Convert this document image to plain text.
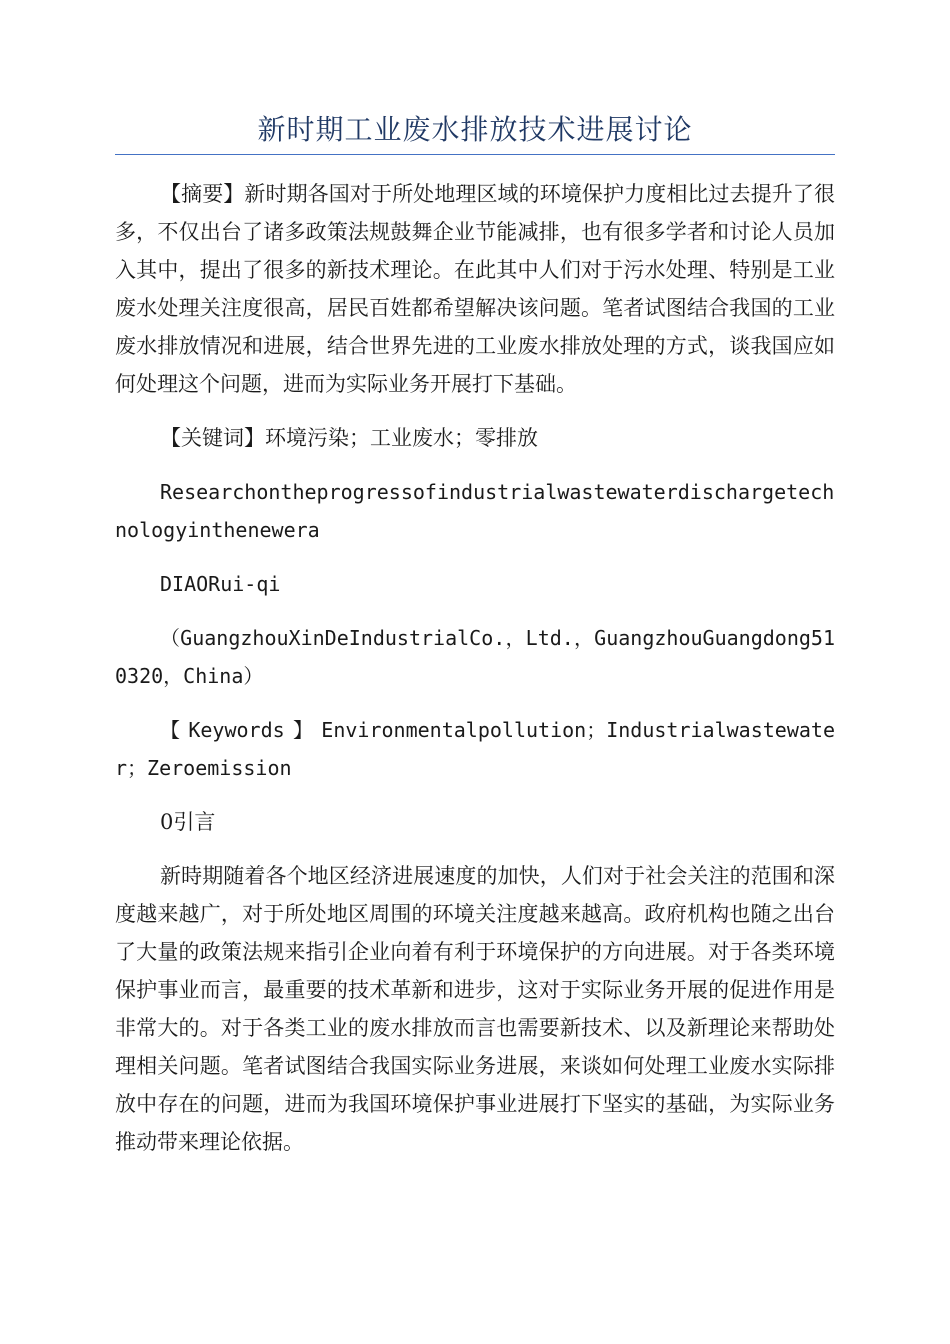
新时期工业废水排放技术进展讨论

【摘要】新时期各国对于所处地理区域的环境保护力度相比过去提升了很多，不仅出台了诸多政策法规鼓舞企业节能减排，也有很多学者和讨论人员加入其中，提出了很多的新技术理论。在此其中人们对于污水处理、特别是工业废水处理关注度很高，居民百姓都希望解决该问题。笔者试图结合我国的工业废水排放情况和进展，结合世界先进的工业废水排放处理的方式，谈我国应如何处理这个问题，进而为实际业务开展打下基础。

【关键词】环境污染；工业废水；零排放

Researchontheprogressofindustrialwastewaterdischargetechnologyinthenewera

DIAORui-qi

（GuangzhouXinDeIndustrialCo.，Ltd.，GuangzhouGuangdong510320，China）

【Keywords】Environmentalpollution；Industrialwastewater；Zeroemission

0引言

新時期随着各个地区经济进展速度的加快，人们对于社会关注的范围和深度越来越广，对于所处地区周围的环境关注度越来越高。政府机构也随之出台了大量的政策法规来指引企业向着有利于环境保护的方向进展。对于各类环境保护事业而言，最重要的技术革新和进步，这对于实际业务开展的促进作用是非常大的。对于各类工业的废水排放而言也需要新技术、以及新理论来帮助处理相关问题。笔者试图结合我国实际业务进展，来谈如何处理工业废水实际排放中存在的问题，进而为我国环境保护事业进展打下坚实的基础，为实际业务推动带来理论依据。
